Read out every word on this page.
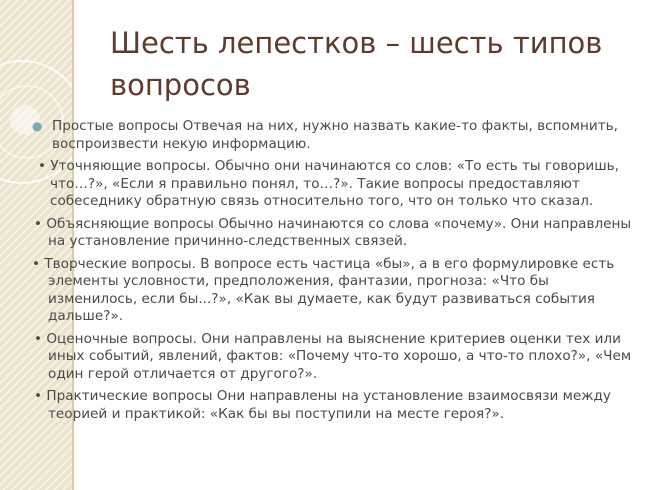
Шесть лепестков – шесть типов вопросов
● Простые вопросы Отвечая на них, нужно назвать какие-то факты, вспомнить, воспроизвести некую информацию.
• Уточняющие вопросы. Обычно они начинаются со слов: «То есть ты говоришь, что…?», «Если я правильно понял, то…?». Такие вопросы предоставляют собеседнику обратную связь относительно того, что он только что сказал.
• Объясняющие вопросы Обычно начинаются со слова «почему». Они направлены на установление причинно-следственных связей.
• Творческие вопросы. В вопросе есть частица «бы», а в его формулировке есть элементы условности, предположения, фантазии, прогноза: «Что бы изменилось, если бы...?», «Как вы думаете, как будут развиваться события дальше?».
• Оценочные вопросы. Они направлены на выяснение критериев оценки тех или иных событий, явлений, фактов: «Почему что-то хорошо, а что-то плохо?», «Чем один герой отличается от другого?».
• Практические вопросы Они направлены на установление взаимосвязи между теорией и практикой: «Как бы вы поступили на месте героя?».
